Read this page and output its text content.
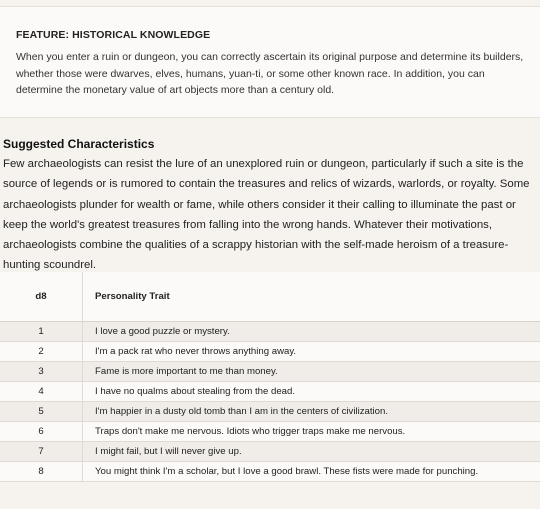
FEATURE: HISTORICAL KNOWLEDGE
When you enter a ruin or dungeon, you can correctly ascertain its original purpose and determine its builders, whether those were dwarves, elves, humans, yuan-ti, or some other known race. In addition, you can determine the monetary value of art objects more than a century old.
Suggested Characteristics
Few archaeologists can resist the lure of an unexplored ruin or dungeon, particularly if such a site is the source of legends or is rumored to contain the treasures and relics of wizards, warlords, or royalty. Some archaeologists plunder for wealth or fame, while others consider it their calling to illuminate the past or keep the world's greatest treasures from falling into the wrong hands. Whatever their motivations, archaeologists combine the qualities of a scrappy historian with the self-made heroism of a treasure-hunting scoundrel.
d8	Personality Trait
1	I love a good puzzle or mystery.
2	I'm a pack rat who never throws anything away.
3	Fame is more important to me than money.
4	I have no qualms about stealing from the dead.
5	I'm happier in a dusty old tomb than I am in the centers of civilization.
6	Traps don't make me nervous. Idiots who trigger traps make me nervous.
7	I might fail, but I will never give up.
8	You might think I'm a scholar, but I love a good brawl. These fists were made for punching.
